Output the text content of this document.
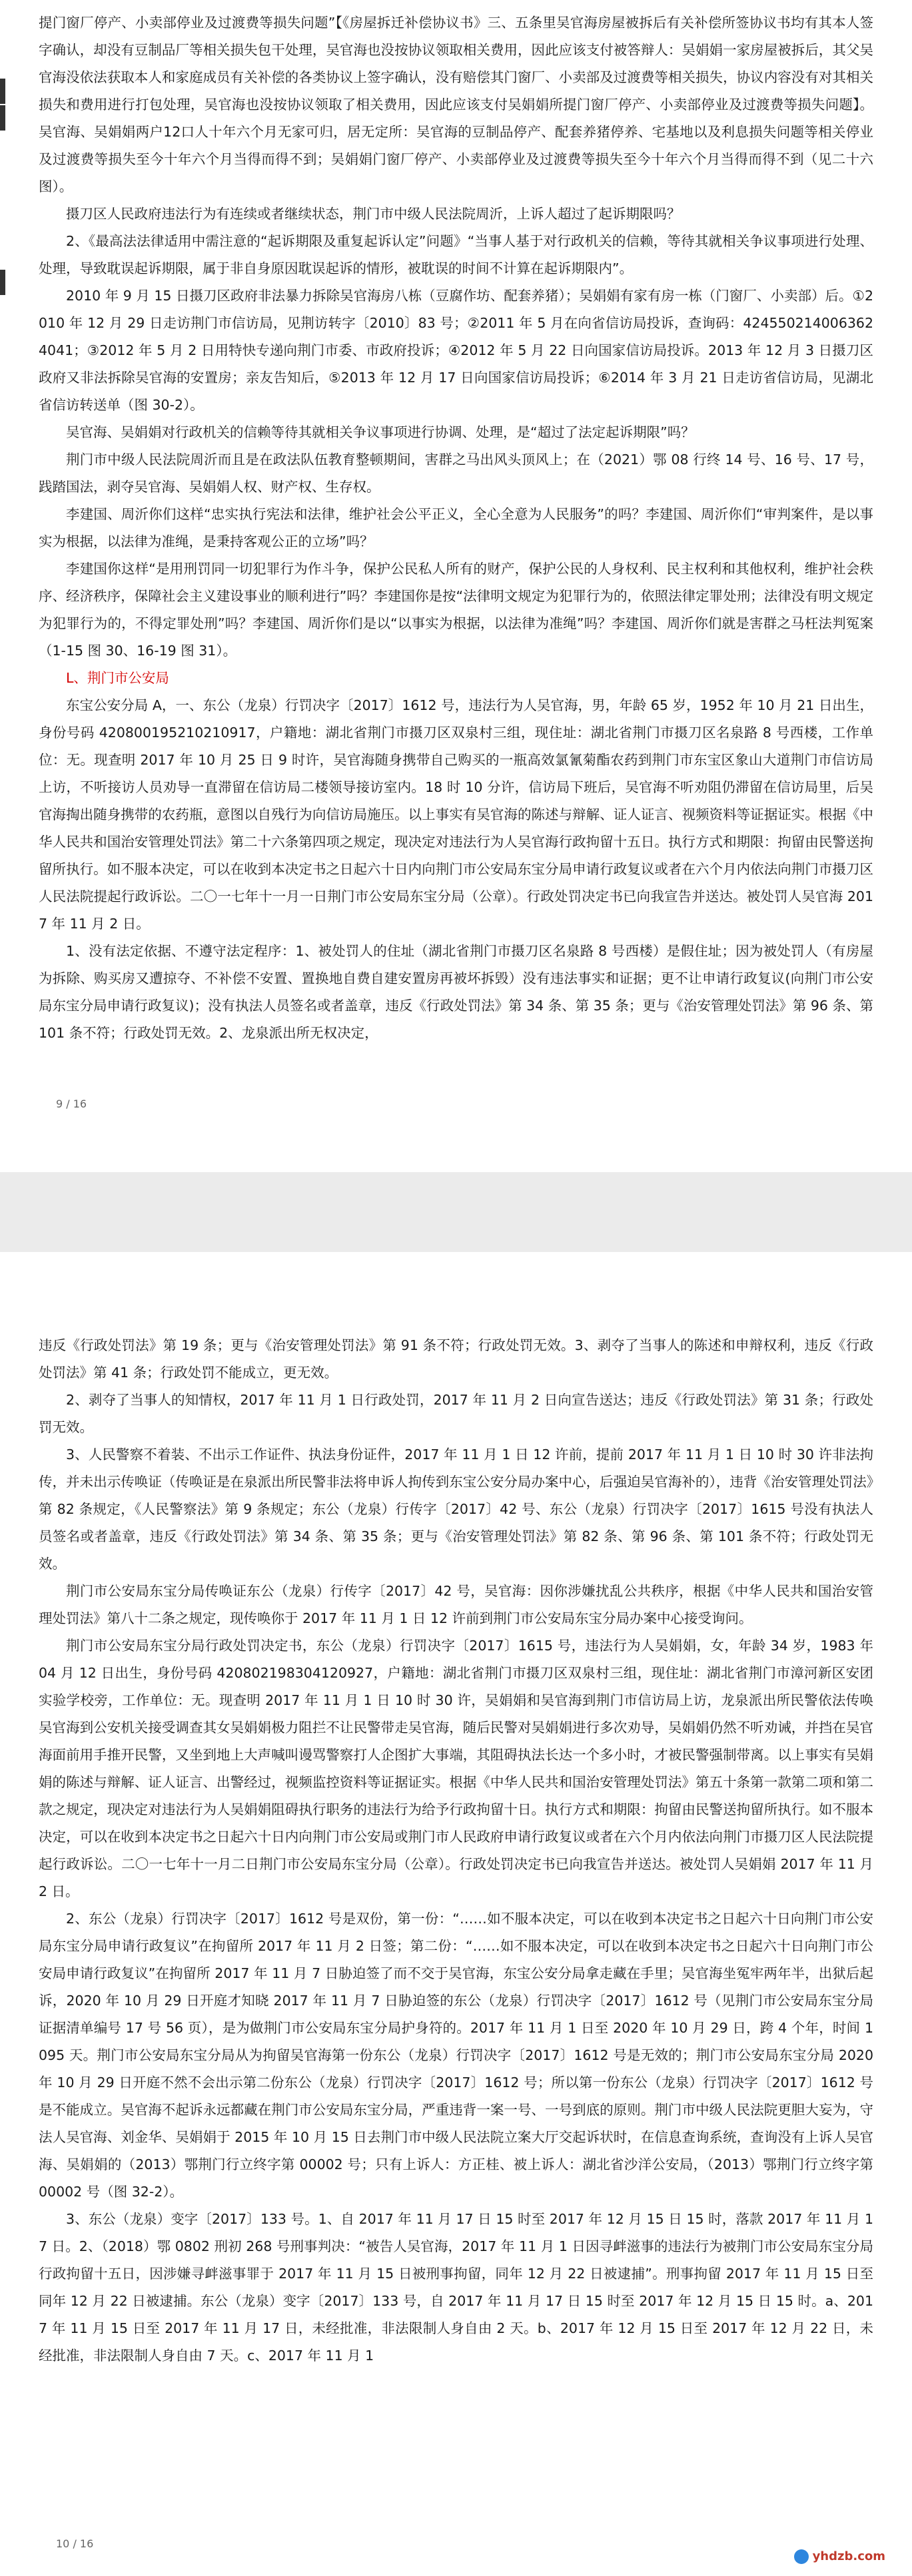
提门窗厂停产、小卖部停业及过渡费等损失问题”【《房屋拆迁补偿协议书》三、五条里吴官海房屋被拆后有关补偿所签协议书均有其本人签字确认，却没有豆制品厂等相关损失包干处理，吴官海也没按协议领取相关费用，因此应该支付被答辩人：吴娟娟一家房屋被拆后，其父吴官海没依法获取本人和家庭成员有关补偿的各类协议上签字确认，没有赔偿其门窗厂、小卖部及过渡费等相关损失，协议内容没有对其相关损失和费用进行打包处理，吴官海也没按协议领取了相关费用，因此应该支付吴娟娟所提门窗厂停产、小卖部停业及过渡费等损失问题】。吴官海、吴娟娟两户12口人十年六个月无家可归，居无定所：吴官海的豆制品停产、配套养猪停养、宅基地以及利息损失问题等相关停业及过渡费等损失至今十年六个月当得而得不到；吴娟娟门窗厂停产、小卖部停业及过渡费等损失至今十年六个月当得而得不到（见二十六图）。

摄刀区人民政府违法行为有连续或者继续状态，荆门市中级人民法院周沂，上诉人超过了起诉期限吗？

2、《最高法法律适用中需注意的“起诉期限及重复起诉认定”问题》“当事人基于对行政机关的信赖，等待其就相关争议事项进行处理、处理，导致耽误起诉期限，属于非自身原因耽误起诉的情形，被耽误的时间不计算在起诉期限内”。

2010 年 9 月 15 日摄刀区政府非法暴力拆除吴官海房八栋（豆腐作坊、配套养猪）；吴娟娟有家有房一栋（门窗厂、小卖部）后。①2010 年 12 月 29 日走访荆门市信访局，见荆访转字〔2010〕83 号；②2011 年 5 月在向省信访局投诉，查询码：4245502140063624041；③2012 年 5 月 2 日用特快专递向荆门市委、市政府投诉；④2012 年 5 月 22 日向国家信访局投诉。2013 年 12 月 3 日摄刀区政府又非法拆除吴官海的安置房；亲友告知后，⑤2013 年 12 月 17 日向国家信访局投诉；⑥2014 年 3 月 21 日走访省信访局，见湖北省信访转送单（图 30-2）。

吴官海、吴娟娟对行政机关的信赖等待其就相关争议事项进行协调、处理，是“超过了法定起诉期限”吗？

荆门市中级人民法院周沂而且是在政法队伍教育整顿期间，害群之马出风头顶风上；在（2021）鄂 08 行终 14 号、16 号、17 号，践踏国法，剥夺吴官海、吴娟娟人权、财产权、生存权。

李建国、周沂你们这样“忠实执行宪法和法律，维护社会公平正义，全心全意为人民服务”的吗？李建国、周沂你们“审判案件，是以事实为根据，以法律为准绳，是秉持客观公正的立场”吗？

李建国你这样“是用刑罚同一切犯罪行为作斗争，保护公民私人所有的财产，保护公民的人身权利、民主权利和其他权利，维护社会秩序、经济秩序，保障社会主义建设事业的顺利进行”吗？李建国你是按“法律明文规定为犯罪行为的，依照法律定罪处刑；法律没有明文规定为犯罪行为的，不得定罪处刑”吗？李建国、周沂你们是以“以事实为根据，以法律为准绳”吗？李建国、周沂你们就是害群之马枉法判冤案（1-15 图 30、16-19 图 31）。

L、荆门市公安局

东宝公安分局 A，一、东公（龙泉）行罚决字〔2017〕1612 号，违法行为人吴官海，男，年龄 65 岁，1952 年 10 月 21 日出生，身份号码 420800195210210917，户籍地：湖北省荆门市摄刀区双泉村三组，现住址：湖北省荆门市摄刀区名泉路 8 号西楼，工作单位：无。现查明 2017 年 10 月 25 日 9 时许，吴官海随身携带自己购买的一瓶高效氯氰菊酯农药到荆门市东宝区象山大道荆门市信访局上访，不听接访人员劝导一直滞留在信访局二楼领导接访室内。18 时 10 分许，信访局下班后，吴官海不听劝阻仍滞留在信访局里，后吴官海掏出随身携带的农药瓶，意图以自残行为向信访局施压。以上事实有吴官海的陈述与辩解、证人证言、视频资料等证据证实。根据《中华人民共和国治安管理处罚法》第二十六条第四项之规定，现决定对违法行为人吴官海行政拘留十五日。执行方式和期限：拘留由民警送拘留所执行。如不服本决定，可以在收到本决定书之日起六十日内向荆门市公安局东宝分局申请行政复议或者在六个月内依法向荆门市摄刀区人民法院提起行政诉讼。二〇一七年十一月一日荆门市公安局东宝分局（公章）。行政处罚决定书已向我宣告并送达。被处罚人吴官海 2017 年 11 月 2 日。

1、没有法定依据、不遵守法定程序：1、被处罚人的住址（湖北省荆门市摄刀区名泉路 8 号西楼）是假住址；因为被处罚人（有房屋为拆除、购买房又遭掠夺、不补偿不安置、置换地自费自建安置房再被坏拆毁）没有违法事实和证据；更不让申请行政复议(向荆门市公安局东宝分局申请行政复议)；没有执法人员签名或者盖章，违反《行政处罚法》第 34 条、第 35 条；更与《治安管理处罚法》第 96 条、第 101 条不符；行政处罚无效。2、龙泉派出所无权决定，

9 / 16

违反《行政处罚法》第 19 条；更与《治安管理处罚法》第 91 条不符；行政处罚无效。3、剥夺了当事人的陈述和申辩权利，违反《行政处罚法》第 41 条；行政处罚不能成立，更无效。

2、剥夺了当事人的知情权，2017 年 11 月 1 日行政处罚，2017 年 11 月 2 日向宣告送达；违反《行政处罚法》第 31 条；行政处罚无效。

3、人民警察不着装、不出示工作证件、执法身份证件，2017 年 11 月 1 日 12 许前，提前 2017 年 11 月 1 日 10 时 30 许非法拘传，并未出示传唤证（传唤证是在泉派出所民警非法将申诉人拘传到东宝公安分局办案中心，后强迫吴官海补的），违背《治安管理处罚法》第 82 条规定，《人民警察法》第 9 条规定；东公（龙泉）行传字〔2017〕42 号、东公（龙泉）行罚决字〔2017〕1615 号没有执法人员签名或者盖章，违反《行政处罚法》第 34 条、第 35 条；更与《治安管理处罚法》第 82 条、第 96 条、第 101 条不符；行政处罚无效。

荆门市公安局东宝分局传唤证东公（龙泉）行传字〔2017〕42 号，吴官海：因你涉嫌扰乱公共秩序，根据《中华人民共和国治安管理处罚法》第八十二条之规定，现传唤你于 2017 年 11 月 1 日 12 许前到荆门市公安局东宝分局办案中心接受询问。

荆门市公安局东宝分局行政处罚决定书，东公（龙泉）行罚决字〔2017〕1615 号，违法行为人吴娟娟，女，年龄 34 岁，1983 年 04 月 12 日出生，身份号码 420802198304120927，户籍地：湖北省荆门市摄刀区双泉村三组，现住址：湖北省荆门市漳河新区安团实验学校旁，工作单位：无。现查明 2017 年 11 月 1 日 10 时 30 许，吴娟娟和吴官海到荆门市信访局上访，龙泉派出所民警依法传唤吴官海到公安机关接受调查其女吴娟娟极力阻拦不让民警带走吴官海，随后民警对吴娟娟进行多次劝导，吴娟娟仍然不听劝诫，并挡在吴官海面前用手推开民警，又坐到地上大声喊叫谩骂警察打人企图扩大事端，其阻碍执法长达一个多小时，才被民警强制带离。以上事实有吴娟娟的陈述与辩解、证人证言、出警经过，视频监控资料等证据证实。根据《中华人民共和国治安管理处罚法》第五十条第一款第二项和第二款之规定，现决定对违法行为人吴娟娟阻碍执行职务的违法行为给予行政拘留十日。执行方式和期限：拘留由民警送拘留所执行。如不服本决定，可以在收到本决定书之日起六十日内向荆门市公安局或荆门市人民政府申请行政复议或者在六个月内依法向荆门市摄刀区人民法院提起行政诉讼。二〇一七年十一月二日荆门市公安局东宝分局（公章）。行政处罚决定书已向我宣告并送达。被处罚人吴娟娟 2017 年 11 月 2 日。

2、东公（龙泉）行罚决字〔2017〕1612 号是双份，第一份：“……如不服本决定，可以在收到本决定书之日起六十日向荆门市公安局东宝分局申请行政复议”在拘留所 2017 年 11 月 2 日签；第二份：“……如不服本决定，可以在收到本决定书之日起六十日向荆门市公安局申请行政复议”在拘留所 2017 年 11 月 7 日胁迫签了而不交于吴官海，东宝公安分局拿走藏在手里；吴官海坐冤牢两年半，出狱后起诉，2020 年 10 月 29 日开庭才知晓 2017 年 11 月 7 日胁迫签的东公（龙泉）行罚决字〔2017〕1612 号（见荆门市公安局东宝分局证据清单编号 17 号 56 页），是为做荆门市公安局东宝分局护身符的。2017 年 11 月 1 日至 2020 年 10 月 29 日，跨 4 个年，时间 1095 天。荆门市公安局东宝分局从为拘留吴官海第一份东公（龙泉）行罚决字〔2017〕1612 号是无效的；荆门市公安局东宝分局 2020 年 10 月 29 日开庭不然不会出示第二份东公（龙泉）行罚决字〔2017〕1612 号；所以第一份东公（龙泉）行罚决字〔2017〕1612 号是不能成立。吴官海不起诉永远都藏在荆门市公安局东宝分局，严重违背一案一号、一号到底的原则。荆门市中级人民法院更胆大妄为，守法人吴官海、刘金华、吴娟娟于 2015 年 10 月 15 日去荆门市中级人民法院立案大厅交起诉状时，在信息查询系统，查询没有上诉人吴官海、吴娟娟的（2013）鄂荆门行立终字第 00002 号；只有上诉人：方正桂、被上诉人：湖北省沙洋公安局，（2013）鄂荆门行立终字第 00002 号（图 32-2）。

3、东公（龙泉）变字〔2017〕133 号。1、自 2017 年 11 月 17 日 15 时至 2017 年 12 月 15 日 15 时，落款 2017 年 11 月 17 日。2、（2018）鄂 0802 刑初 268 号刑事判决：“被告人吴官海，2017 年 11 月 1 日因寻衅滋事的违法行为被荆门市公安局东宝分局行政拘留十五日，因涉嫌寻衅滋事罪于 2017 年 11 月 15 日被刑事拘留，同年 12 月 22 日被逮捕”。刑事拘留 2017 年 11 月 15 日至同年 12 月 22 日被逮捕。东公（龙泉）变字〔2017〕133 号，自 2017 年 11 月 17 日 15 时至 2017 年 12 月 15 日 15 时。a、2017 年 11 月 15 日至 2017 年 11 月 17 日，未经批准，非法限制人身自由 2 天。b、2017 年 12 月 15 日至 2017 年 12 月 22 日，未经批准，非法限制人身自由 7 天。c、2017 年 11 月 1

10 / 16
yhdzb.com
